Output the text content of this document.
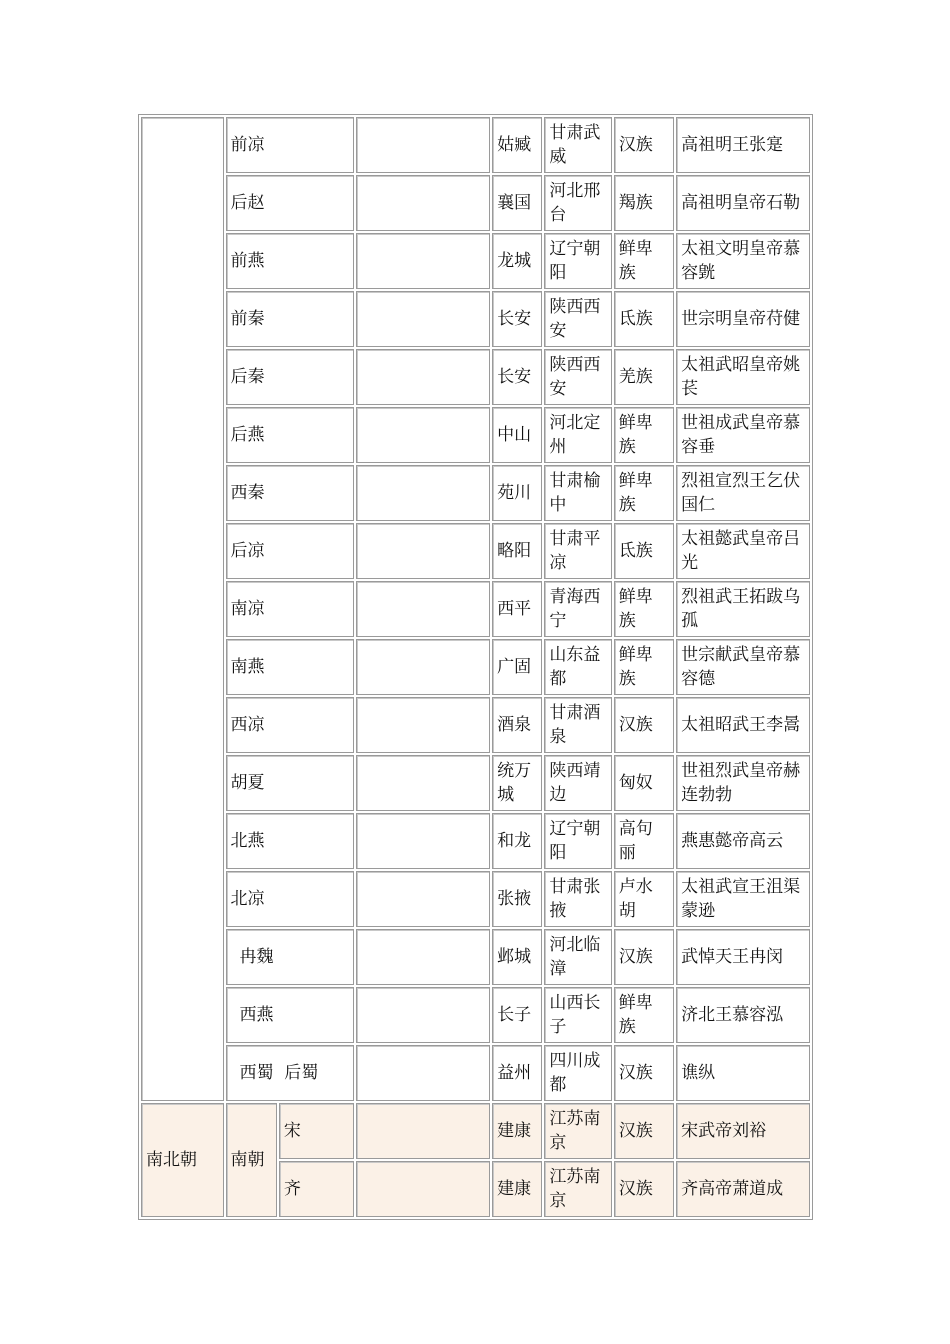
	前凉			姑臧	甘肃武威	汉族	高祖明王张寔
	后赵			襄国	河北邢台	羯族	高祖明皇帝石勒
	前燕			龙城	辽宁朝阳	鲜卑族	太祖文明皇帝慕容皝
	前秦			长安	陕西西安	氐族	世宗明皇帝苻健
	后秦			长安	陕西西安	羌族	太祖武昭皇帝姚苌
	后燕			中山	河北定州	鲜卑族	世祖成武皇帝慕容垂
	西秦			苑川	甘肃榆中	鲜卑族	烈祖宣烈王乞伏国仁
	后凉			略阳	甘肃平凉	氐族	太祖懿武皇帝吕光
	南凉			西平	青海西宁	鲜卑族	烈祖武王拓跋乌孤
	南燕			广固	山东益都	鲜卑族	世宗献武皇帝慕容德
	西凉			酒泉	甘肃酒泉	汉族	太祖昭武王李暠
	胡夏			统万城	陕西靖边	匈奴	世祖烈武皇帝赫连勃勃
	北燕			和龙	辽宁朝阳	高句丽	燕惠懿帝高云
	北凉			张掖	甘肃张掖	卢水胡	太祖武宣王沮渠蒙逊
	冉魏			邺城	河北临漳	汉族	武悼天王冉闵
	西燕			长子	山西长子	鲜卑族	济北王慕容泓
	西蜀  后蜀			益州	四川成都	汉族	谯纵
南北朝	南朝	宋		建康	江苏南京	汉族	宋武帝刘裕
		齐		建康	江苏南京	汉族	齐高帝萧道成
